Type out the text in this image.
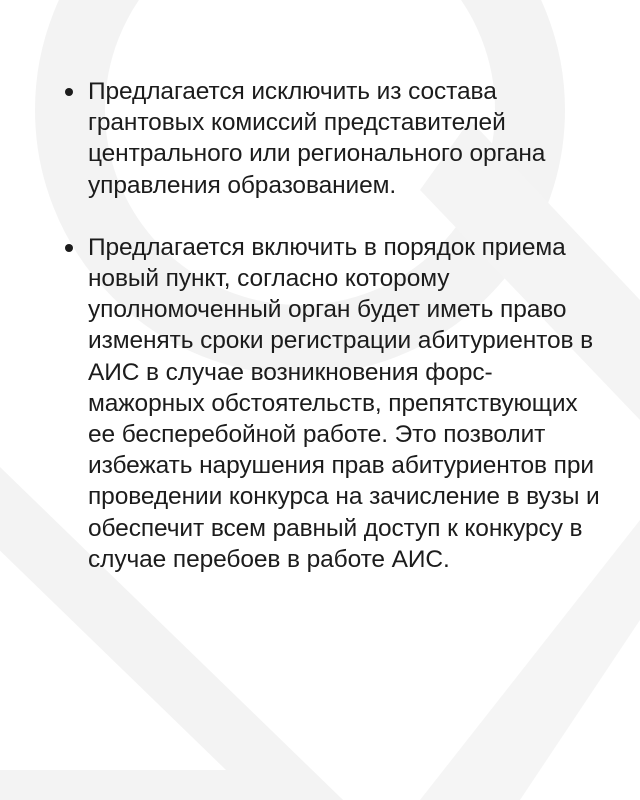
Предлагается исключить из состава грантовых комиссий представителей центрального или регионального органа управления образованием.
Предлагается включить в порядок приема новый пункт, согласно которому уполномоченный орган будет иметь право изменять сроки регистрации абитуриентов в АИС в случае возникновения форс-мажорных обстоятельств, препятствующих ее бесперебойной работе. Это позволит избежать нарушения прав абитуриентов при проведении конкурса на зачисление в вузы и обеспечит всем равный доступ к конкурсу в случае перебоев в работе АИС.
